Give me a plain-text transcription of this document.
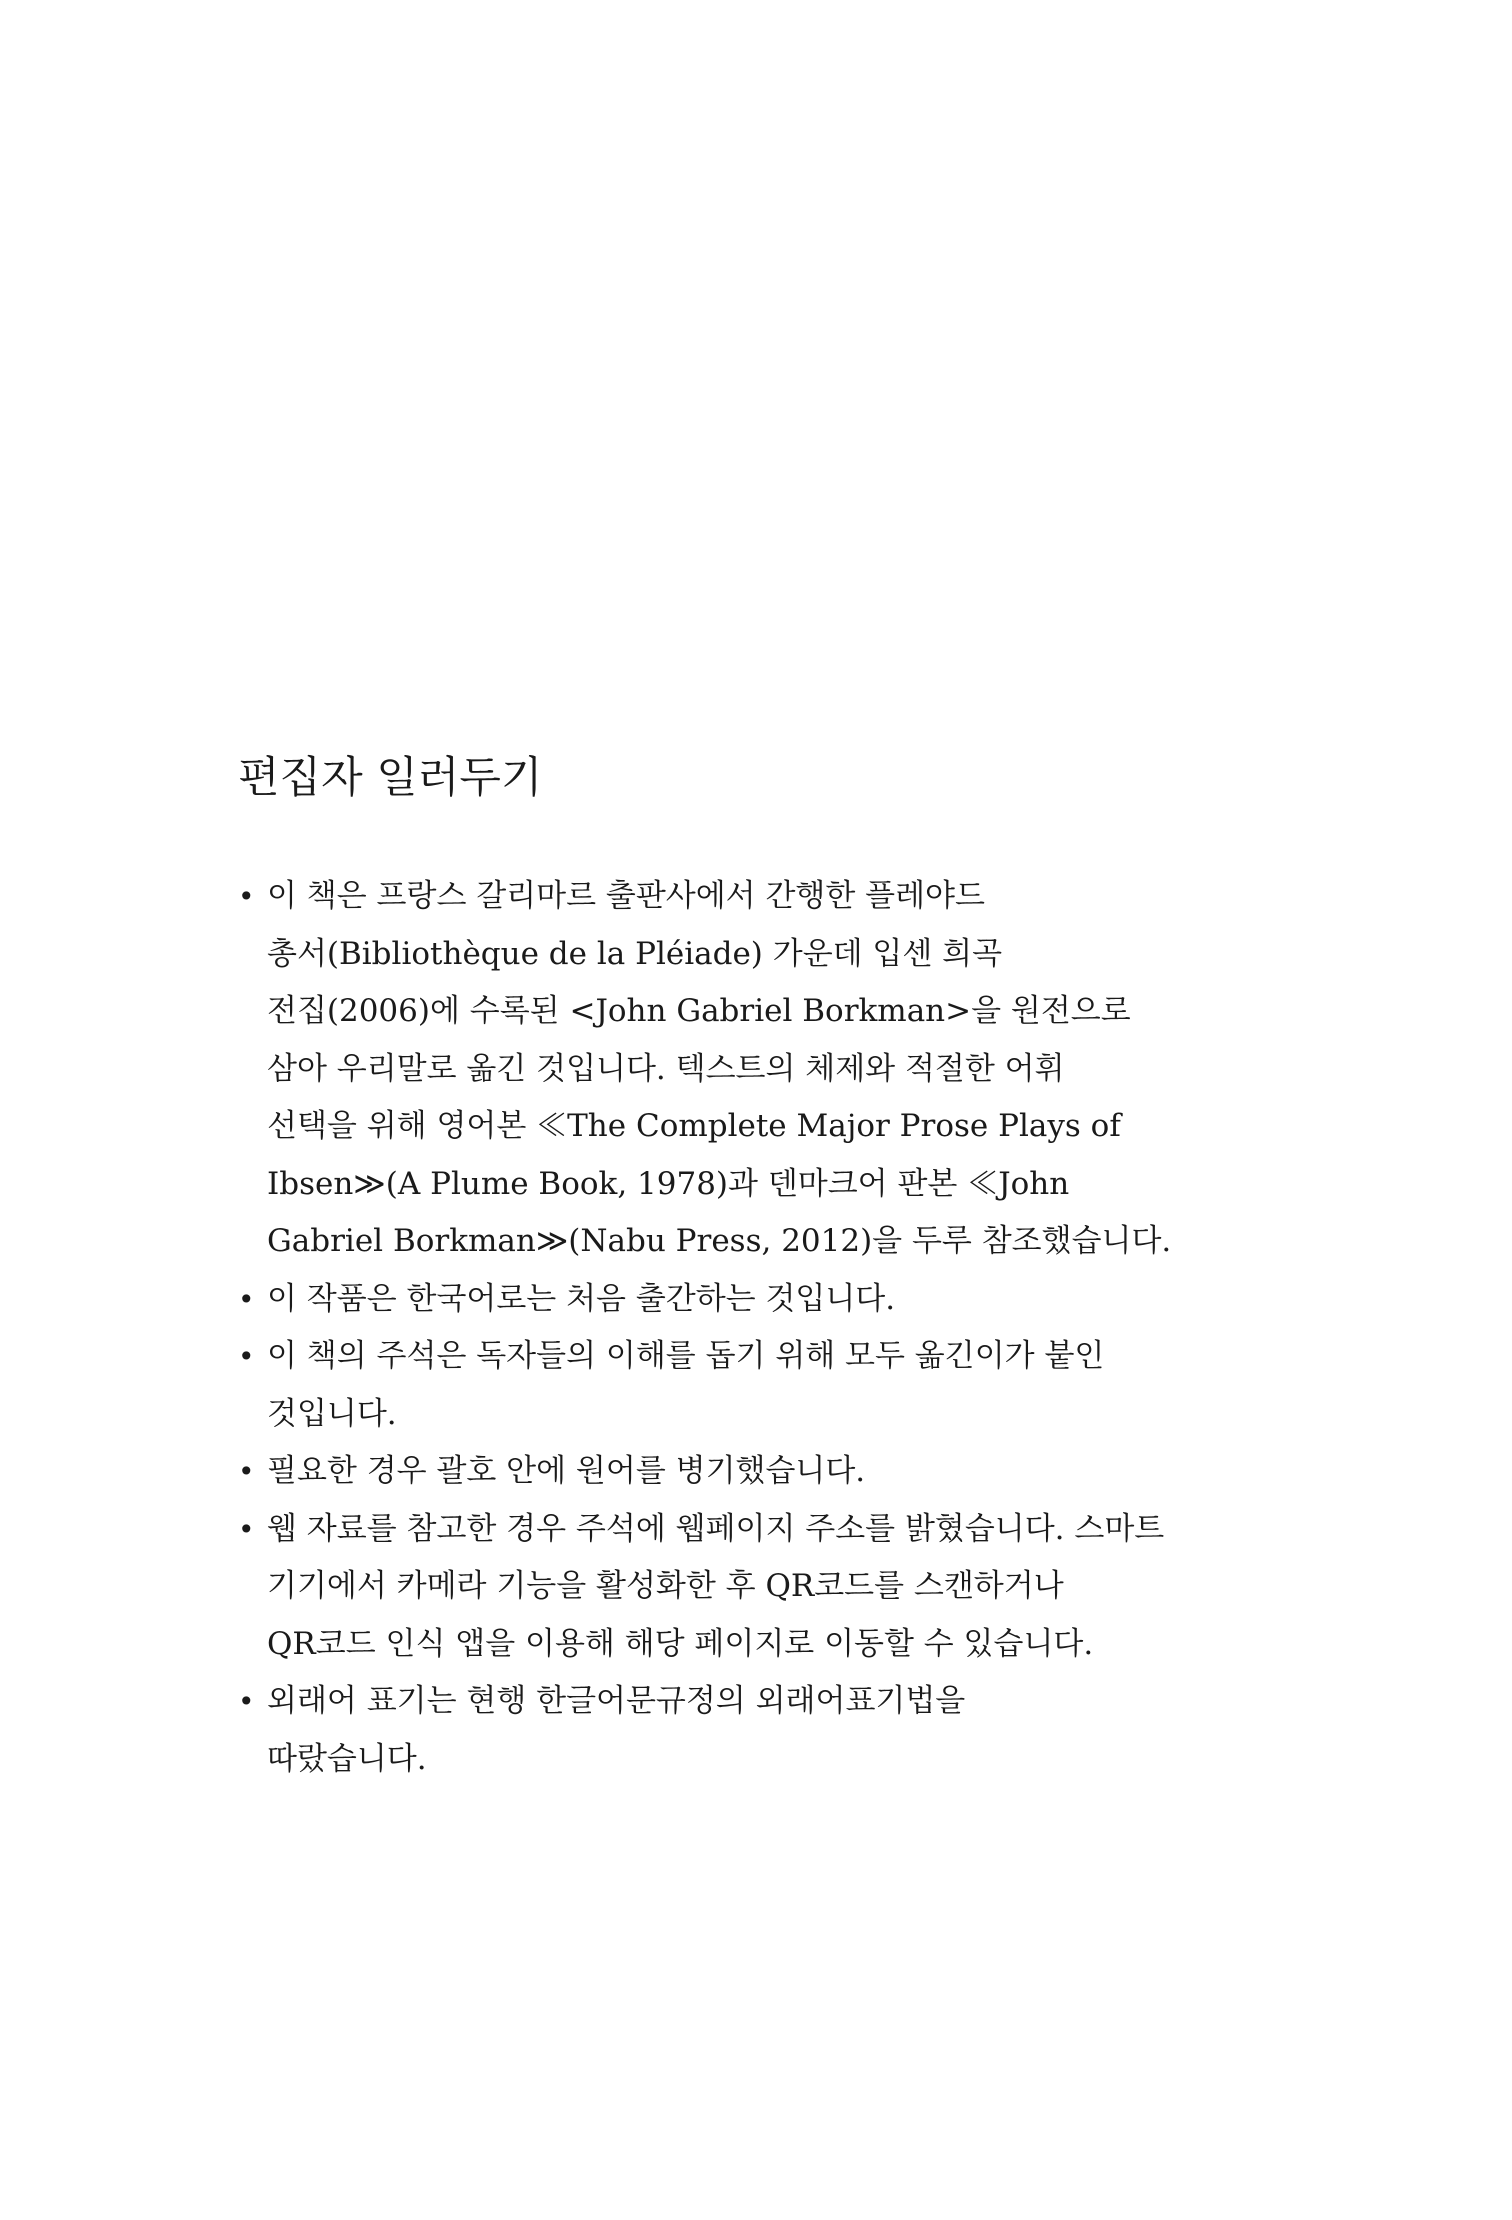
편집자 일러두기
• 이 책은 프랑스 갈리마르 출판사에서 간행한 플레야드
총서(Bibliothèque de la Pléiade) 가운데 입센 희곡
전집(2006)에 수록된 <John Gabriel Borkman>을 원전으로
삼아 우리말로 옮긴 것입니다. 텍스트의 체제와 적절한 어휘
선택을 위해 영어본 ≪The Complete Major Prose Plays of
Ibsen≫(A Plume Book, 1978)과 덴마크어 판본 ≪John
Gabriel Borkman≫(Nabu Press, 2012)을 두루 참조했습니다.
• 이 작품은 한국어로는 처음 출간하는 것입니다.
• 이 책의 주석은 독자들의 이해를 돕기 위해 모두 옮긴이가 붙인
것입니다.
• 필요한 경우 괄호 안에 원어를 병기했습니다.
• 웹 자료를 참고한 경우 주석에 웹페이지 주소를 밝혔습니다. 스마트
기기에서 카메라 기능을 활성화한 후 QR코드를 스캔하거나
QR코드 인식 앱을 이용해 해당 페이지로 이동할 수 있습니다.
• 외래어 표기는 현행 한글어문규정의 외래어표기법을
따랐습니다.
